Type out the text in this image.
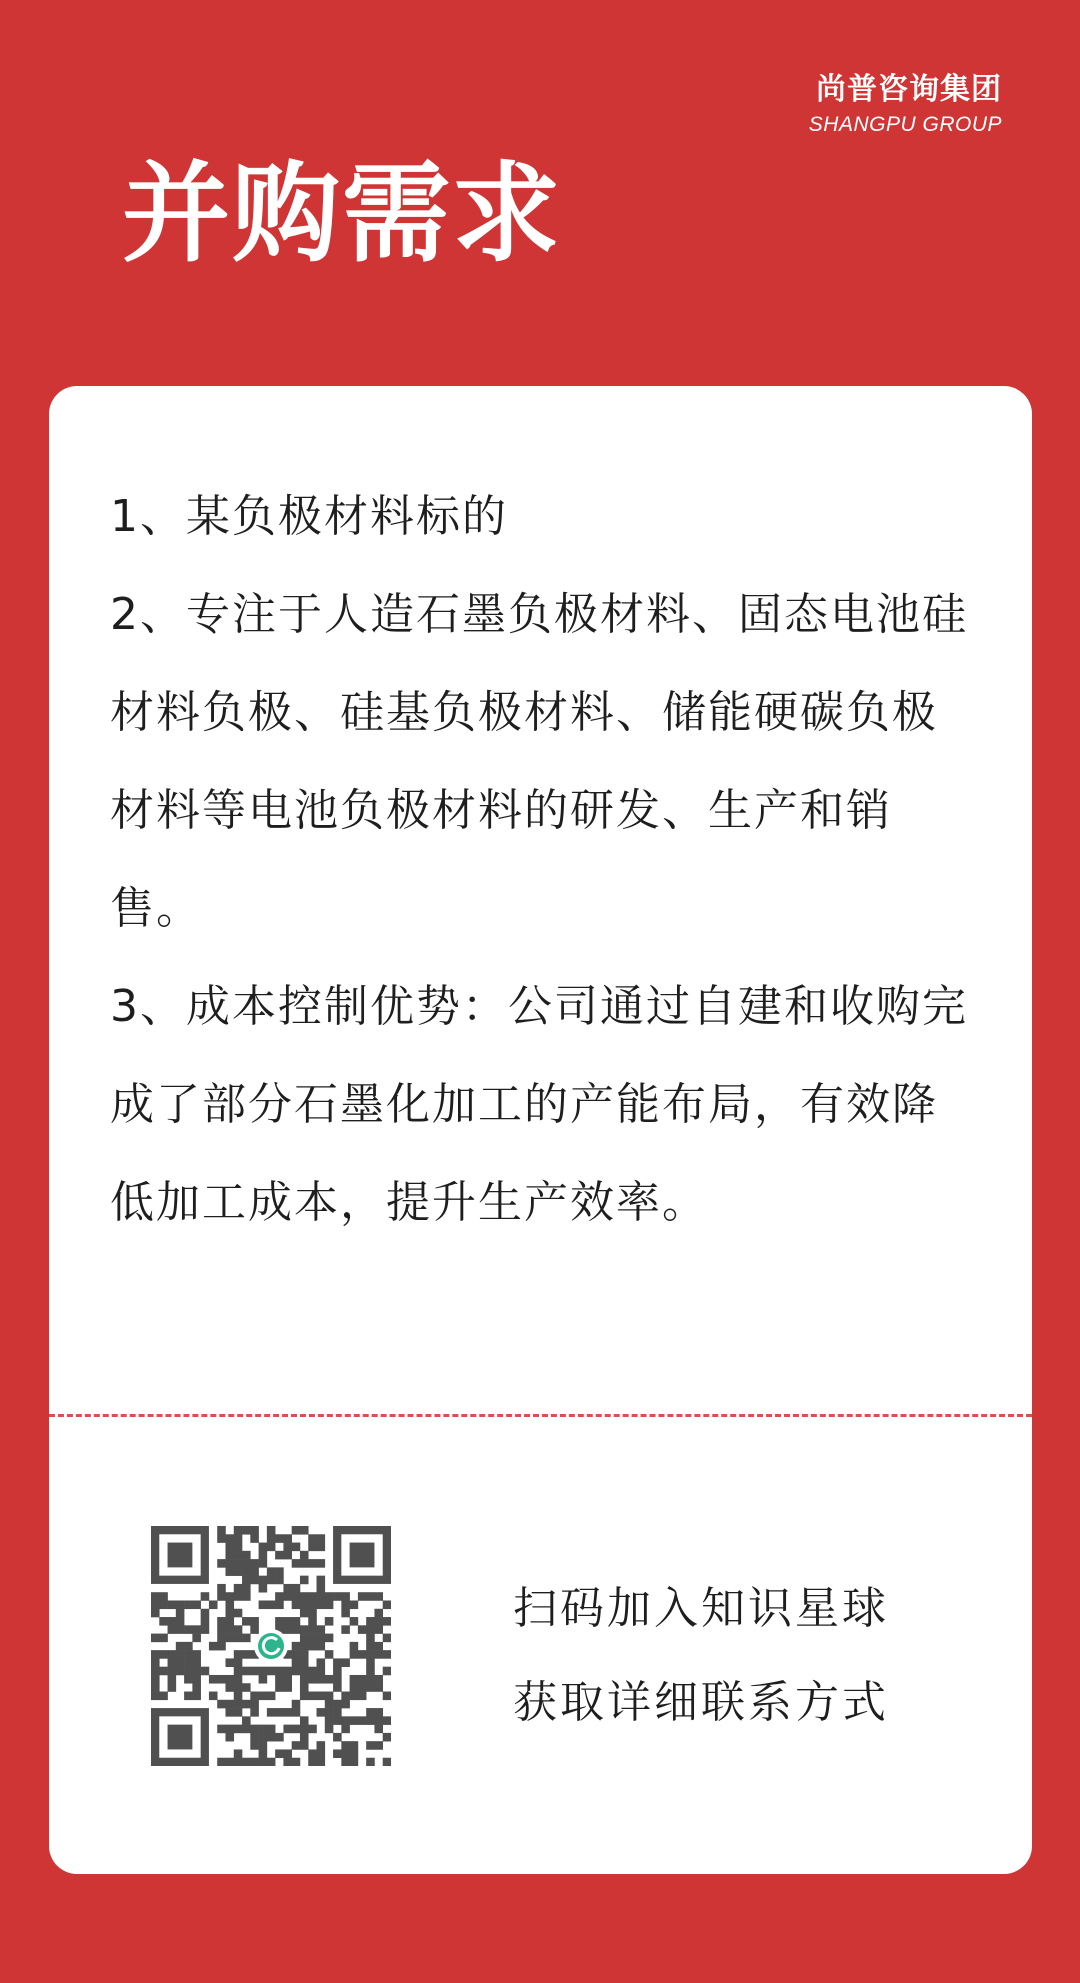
尚普咨询集团
SHANGPU GROUP
并购需求

1、某负极材料标的

2、专注于人造石墨负极材料、固态电池硅材料负极、硅基负极材料、储能硬碳负极材料等电池负极材料的研发、生产和销售。

3、成本控制优势：公司通过自建和收购完成了部分石墨化加工的产能布局，有效降低加工成本，提升生产效率。

扫码加入知识星球
获取详细联系方式
